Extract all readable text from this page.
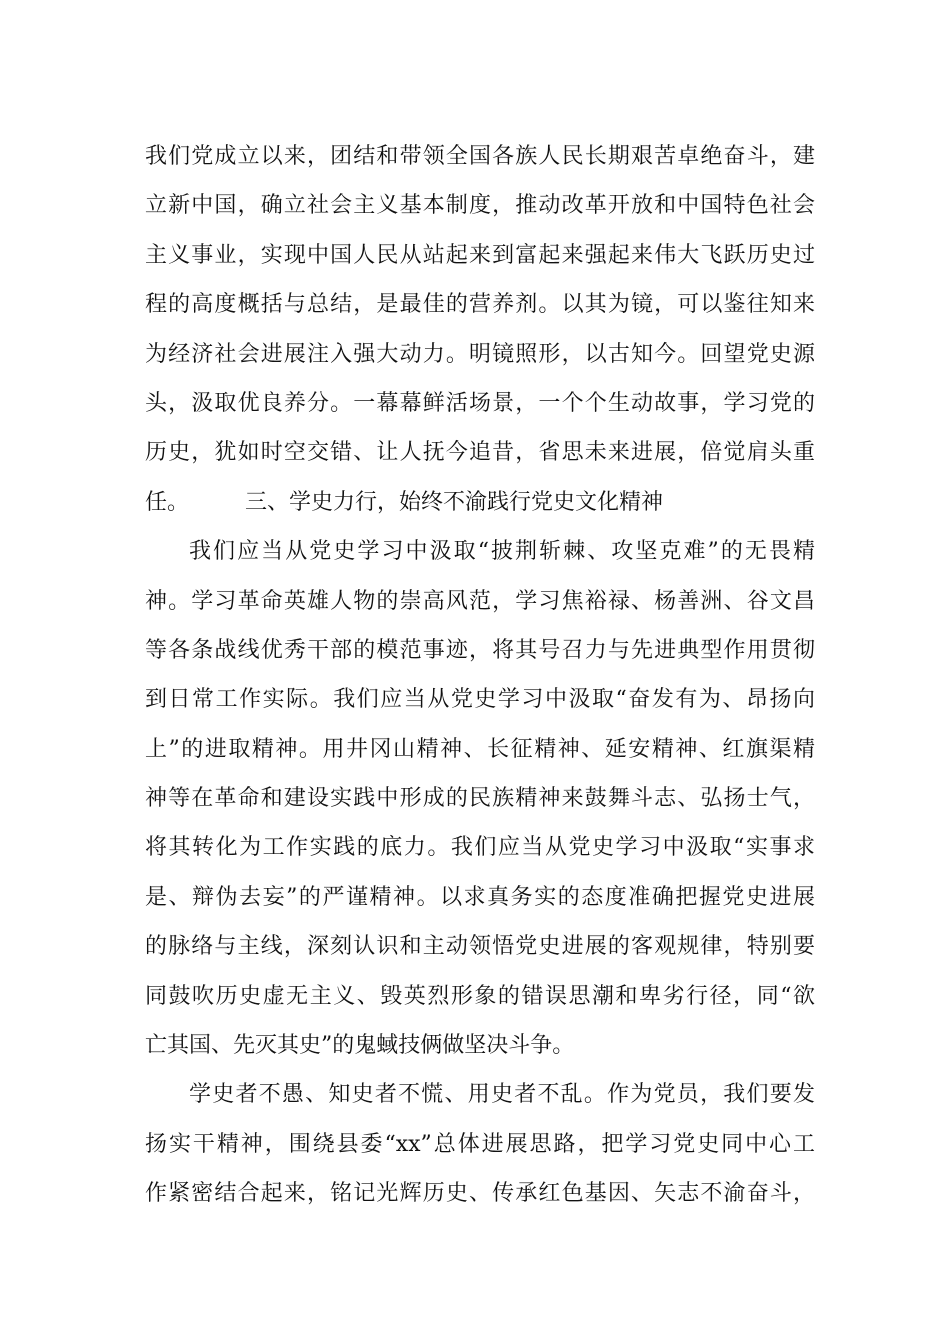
我们党成立以来，团结和带领全国各族人民长期艰苦卓绝奋斗，建
立新中国，确立社会主义基本制度，推动改革开放和中国特色社会
主义事业，实现中国人民从站起来到富起来强起来伟大飞跃历史过
程的高度概括与总结，是最佳的营养剂。以其为镜，可以鉴往知来
为经济社会进展注入强大动力。明镜照形，以古知今。回望党史源
头，汲取优良养分。一幕幕鲜活场景，一个个生动故事，学习党的
历史，犹如时空交错、让人抚今追昔，省思未来进展，倍觉肩头重
任。        三、学史力行，始终不渝践行党史文化精神
我们应当从党史学习中汲取“披荆斩棘、攻坚克难”的无畏精
神。学习革命英雄人物的崇高风范，学习焦裕禄、杨善洲、谷文昌
等各条战线优秀干部的模范事迹，将其号召力与先进典型作用贯彻
到日常工作实际。我们应当从党史学习中汲取“奋发有为、昂扬向
上”的进取精神。用井冈山精神、长征精神、延安精神、红旗渠精
神等在革命和建设实践中形成的民族精神来鼓舞斗志、弘扬士气，
将其转化为工作实践的底力。我们应当从党史学习中汲取“实事求
是、辩伪去妄”的严谨精神。以求真务实的态度准确把握党史进展
的脉络与主线，深刻认识和主动领悟党史进展的客观规律，特别要
同鼓吹历史虚无主义、毁英烈形象的错误思潮和卑劣行径，同“欲
亡其国、先灭其史”的鬼蜮技俩做坚决斗争。
学史者不愚、知史者不慌、用史者不乱。作为党员，我们要发
扬实干精神，围绕县委“xx”总体进展思路，把学习党史同中心工
作紧密结合起来，铭记光辉历史、传承红色基因、矢志不渝奋斗，
